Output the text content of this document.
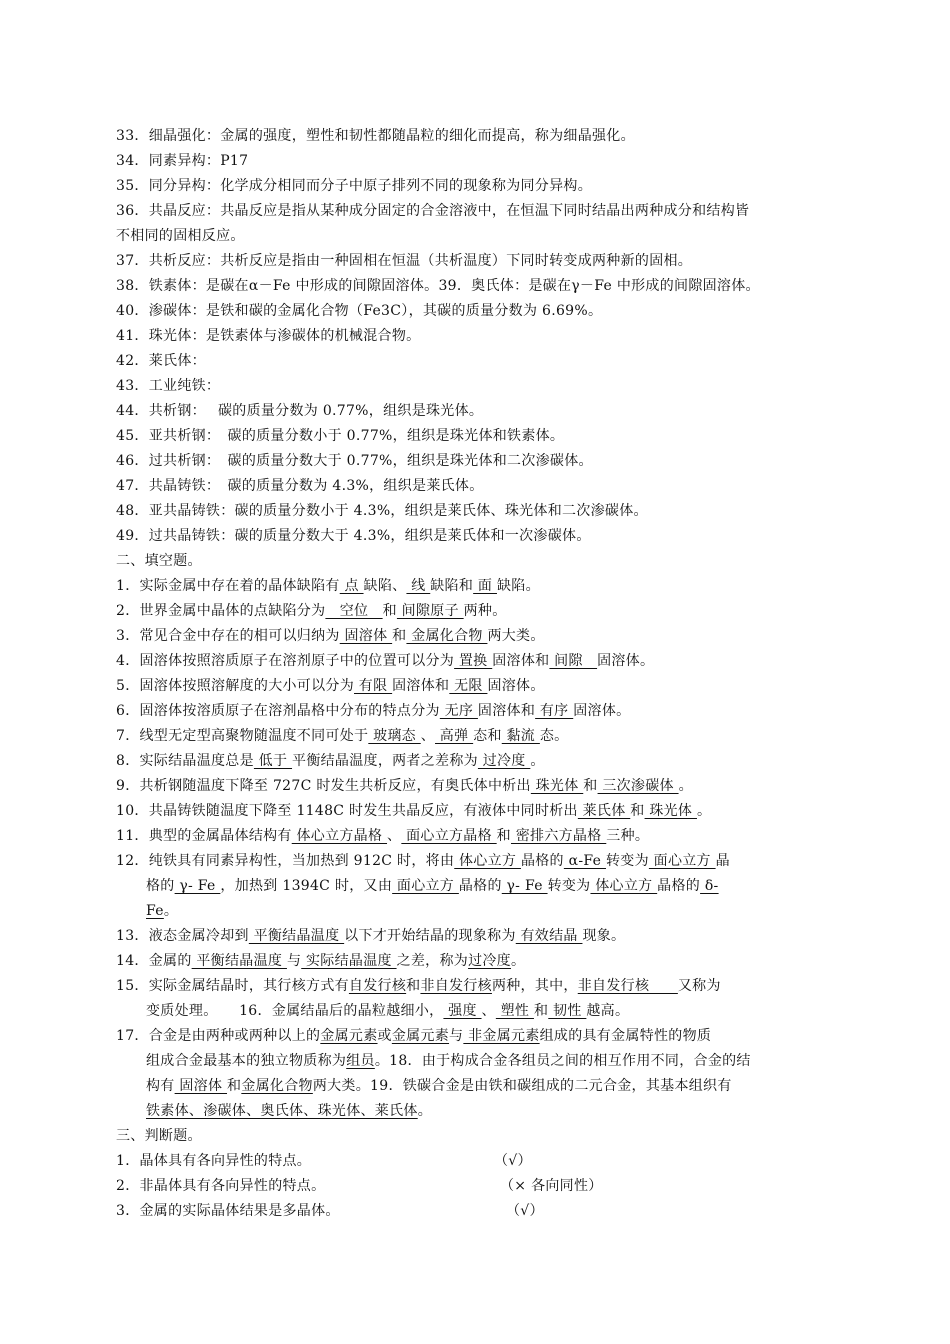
33．细晶强化：金属的强度，塑性和韧性都随晶粒的细化而提高，称为细晶强化。
34．同素异构：P17
35．同分异构：化学成分相同而分子中原子排列不同的现象称为同分异构。
36．共晶反应：共晶反应是指从某种成分固定的合金溶液中，在恒温下同时结晶出两种成分和结构皆
不相同的固相反应。
37．共析反应：共析反应是指由一种固相在恒温（共析温度）下同时转变成两种新的固相。
38．铁素体：是碳在α－Fe 中形成的间隙固溶体。39．奥氏体：是碳在γ－Fe 中形成的间隙固溶体。
40．渗碳体：是铁和碳的金属化合物（Fe3C），其碳的质量分数为 6.69%。
41．珠光体：是铁素体与渗碳体的机械混合物。
42．莱氏体：
43．工业纯铁：
44．共析钢：　 碳的质量分数为 0.77%，组织是珠光体。
45．亚共析钢：　碳的质量分数小于 0.77%，组织是珠光体和铁素体。
46．过共析钢：　碳的质量分数大于 0.77%，组织是珠光体和二次渗碳体。
47．共晶铸铁：　碳的质量分数为 4.3%，组织是莱氏体。
48．亚共晶铸铁：碳的质量分数小于 4.3%，组织是莱氏体、珠光体和二次渗碳体。
49．过共晶铸铁：碳的质量分数大于 4.3%，组织是莱氏体和一次渗碳体。
二、填空题。
1．实际金属中存在着的晶体缺陷有 点 缺陷、 线 缺陷和 面 缺陷。
2．世界金属中晶体的点缺陷分为　空位　和 间隙原子 两种。
3．常见合金中存在的相可以归纳为 固溶体 和 金属化合物 两大类。
4．固溶体按照溶质原子在溶剂原子中的位置可以分为 置换 固溶体和 间隙　固溶体。
5．固溶体按照溶解度的大小可以分为 有限 固溶体和 无限 固溶体。
6．固溶体按溶质原子在溶剂晶格中分布的特点分为 无序 固溶体和 有序 固溶体。
7．线型无定型高聚物随温度不同可处于 玻璃态 、 高弹 态和 黏流 态。
8．实际结晶温度总是 低于 平衡结晶温度，两者之差称为 过冷度 。
9．共析钢随温度下降至 727C 时发生共析反应，有奥氏体中析出 珠光体 和 三次渗碳体 。
10．共晶铸铁随温度下降至 1148C 时发生共晶反应，有液体中同时析出 莱氏体 和 珠光体 。
11．典型的金属晶体结构有 体心立方晶格 、 面心立方晶格 和 密排六方晶格 三种。
12．纯铁具有同素异构性，当加热到 912C 时，将由 体心立方 晶格的 α-Fe 转变为 面心立方 晶
格的 γ- Fe ，加热到 1394C 时，又由 面心立方 晶格的 γ- Fe 转变为 体心立方 晶格的 δ-
Fe。
13．液态金属冷却到 平衡结晶温度 以下才开始结晶的现象称为 有效结晶 现象。
14．金属的 平衡结晶温度 与 实际结晶温度 之差，称为过冷度。
15．实际金属结晶时，其行核方式有自发行核和非自发行核两种，其中，非自发行核　　又称为
变质处理。　　16．金属结晶后的晶粒越细小， 强度 、 塑性 和 韧性 越高。
17．合金是由两种或两种以上的金属元素或金属元素与 非金属元素组成的具有金属特性的物质
组成合金最基本的独立物质称为组员。18．由于构成合金各组员之间的相互作用不同，合金的结
构有 固溶体 和金属化合物两大类。19．铁碳合金是由铁和碳组成的二元合金，其基本组织有
铁素体、渗碳体、奥氏体、珠光体、莱氏体。
三、判断题。
1．晶体具有各向异性的特点。	（√）
2．非晶体具有各向异性的特点。	（× 各向同性）
3．金属的实际晶体结果是多晶体。	（√）
